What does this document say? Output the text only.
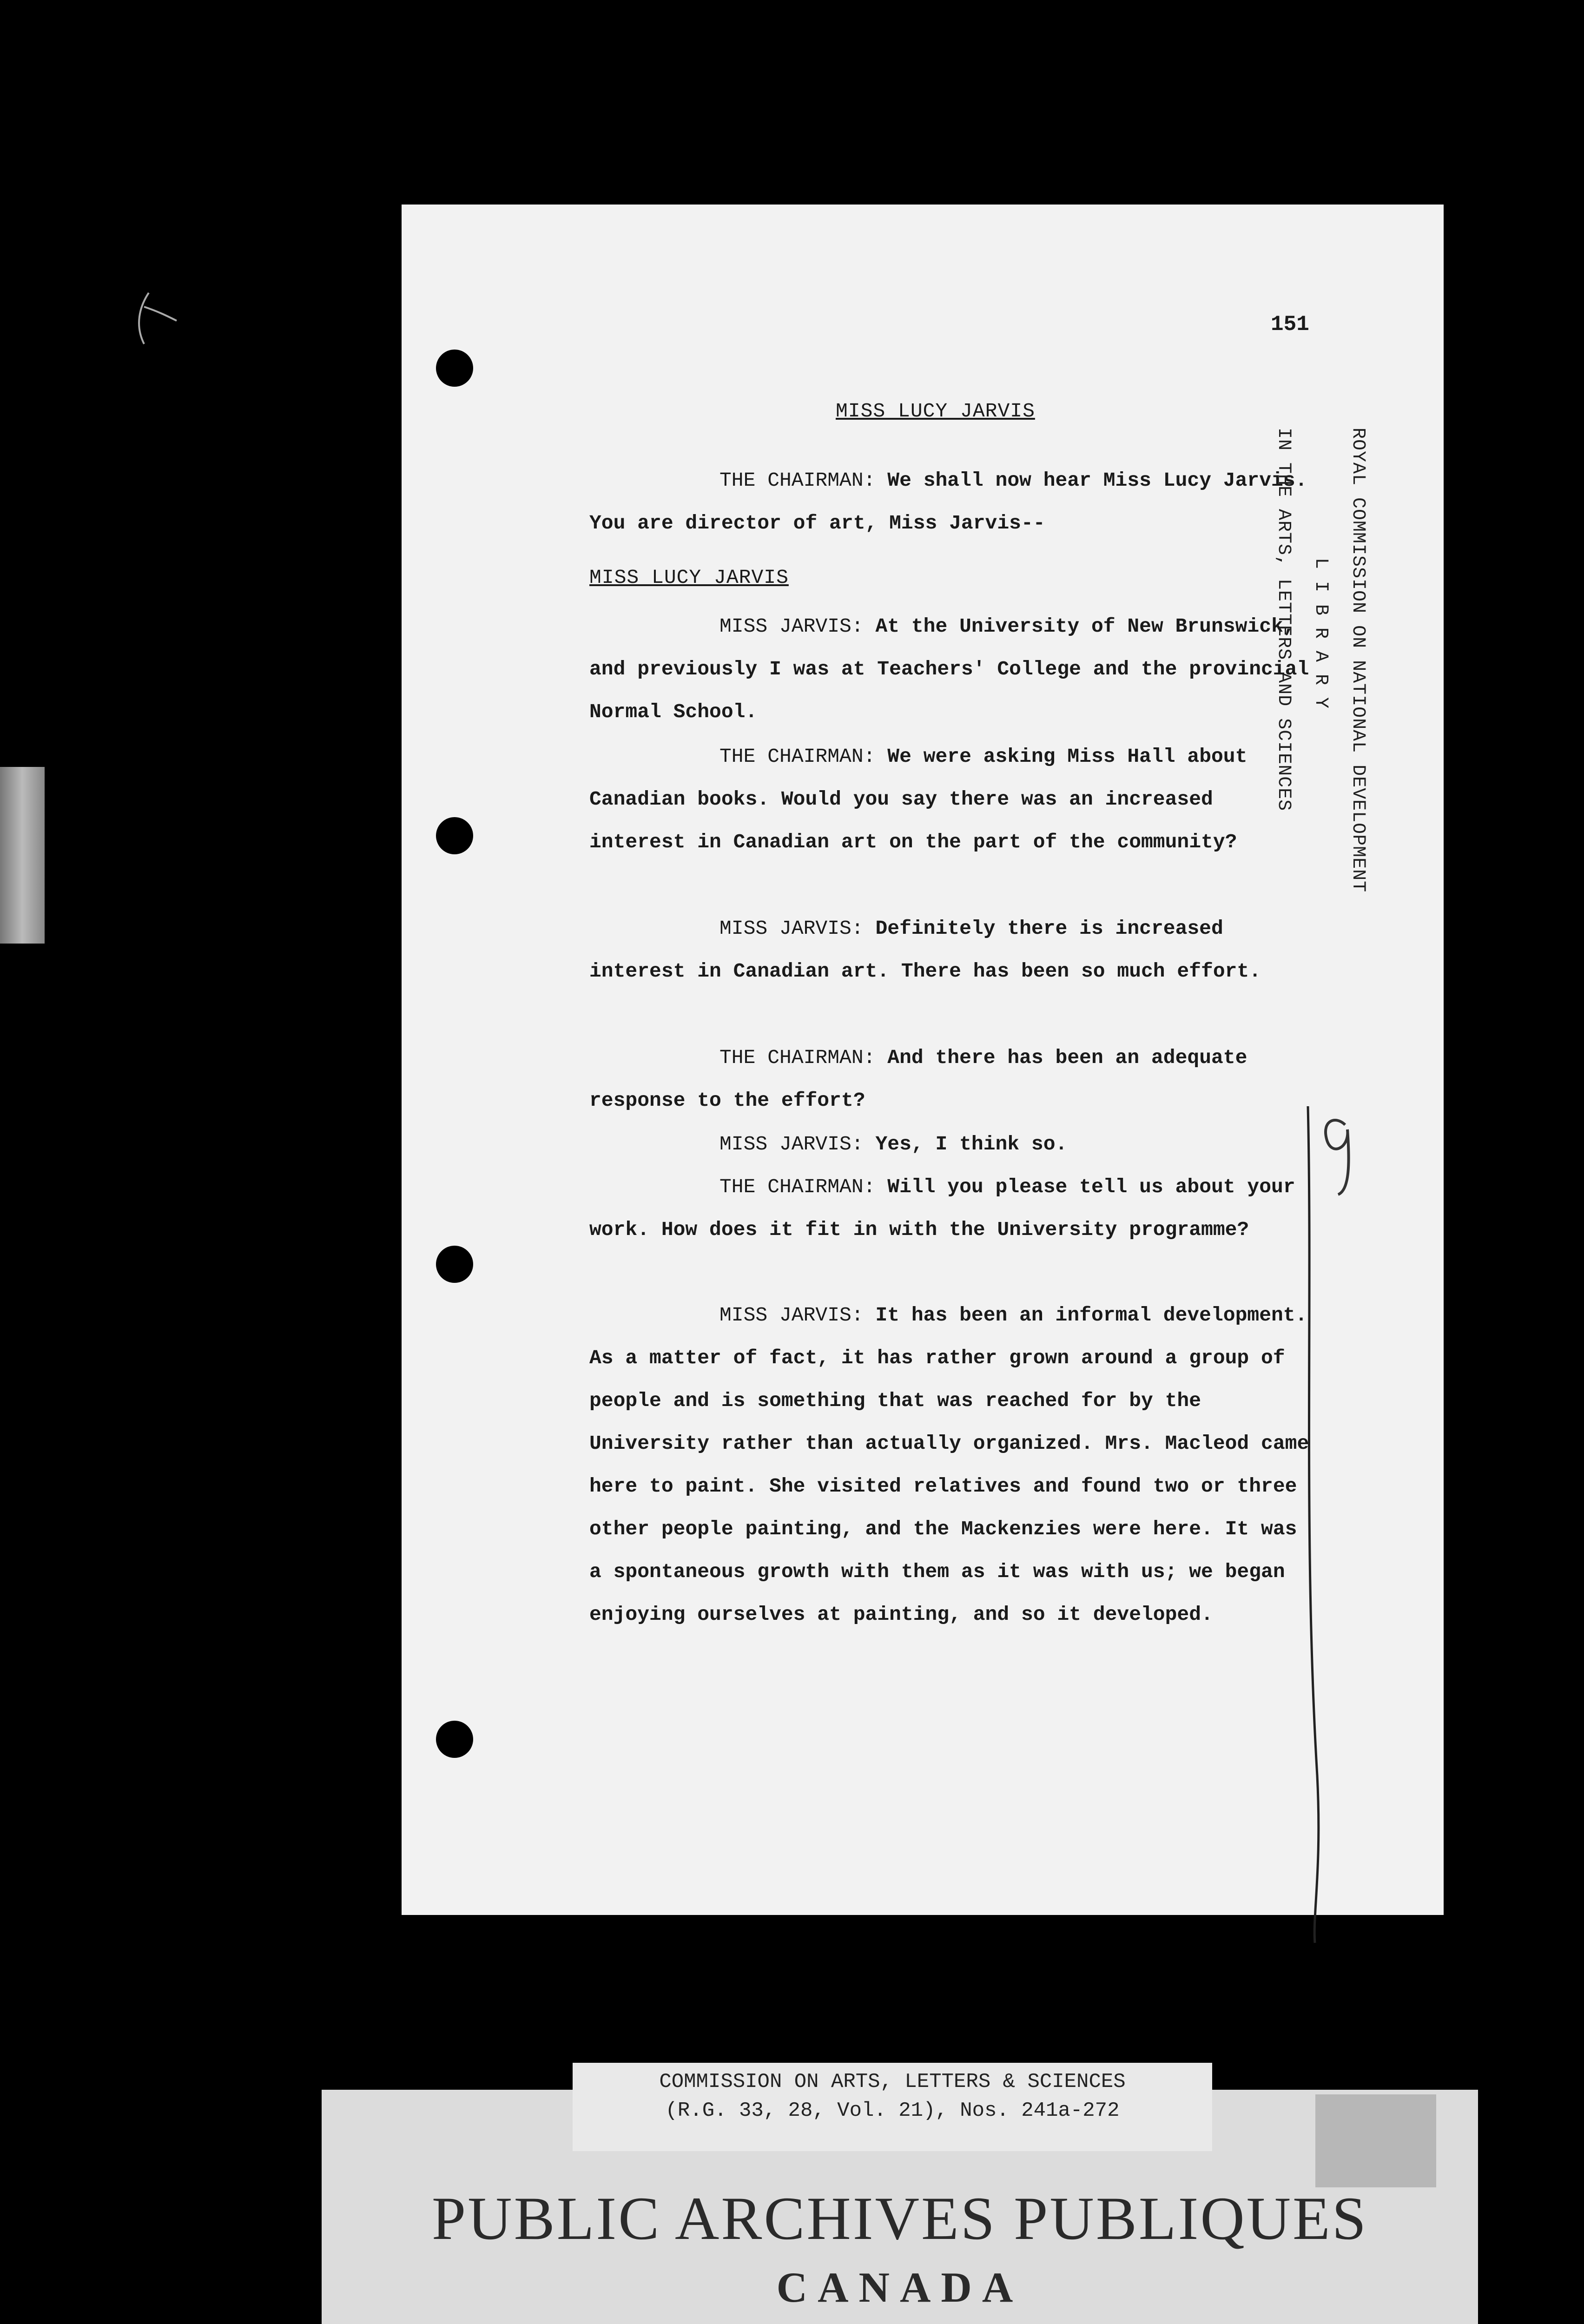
151
MISS LUCY JARVIS
THE CHAIRMAN: We shall now hear Miss Lucy Jarvis. You are director of art, Miss Jarvis--
MISS LUCY JARVIS
MISS JARVIS: At the University of New Brunswick, and previously I was at Teachers' College and the provincial Normal School.
THE CHAIRMAN: We were asking Miss Hall about Canadian books. Would you say there was an increased interest in Canadian art on the part of the community?
MISS JARVIS: Definitely there is increased interest in Canadian art. There has been so much effort.
THE CHAIRMAN: And there has been an adequate response to the effort?
MISS JARVIS: Yes, I think so.
THE CHAIRMAN: Will you please tell us about your work. How does it fit in with the University programme?
MISS JARVIS: It has been an informal development. As a matter of fact, it has rather grown around a group of people and is something that was reached for by the University rather than actually organized. Mrs. Macleod came here to paint. She visited relatives and found two or three other people painting, and the Mackenzies were here. It was a spontaneous growth with them as it was with us; we began enjoying ourselves at painting, and so it developed.
ROYAL COMMISSION ON NATIONAL DEVELOPMENT
LIBRARY
IN THE ARTS, LETTERS AND SCIENCES
PUBLIC ARCHIVES PUBLIQUES
CANADA
COMMISSION ON ARTS, LETTERS & SCIENCES
(R.G. 33, 28, Vol. 21), Nos. 241a-272
